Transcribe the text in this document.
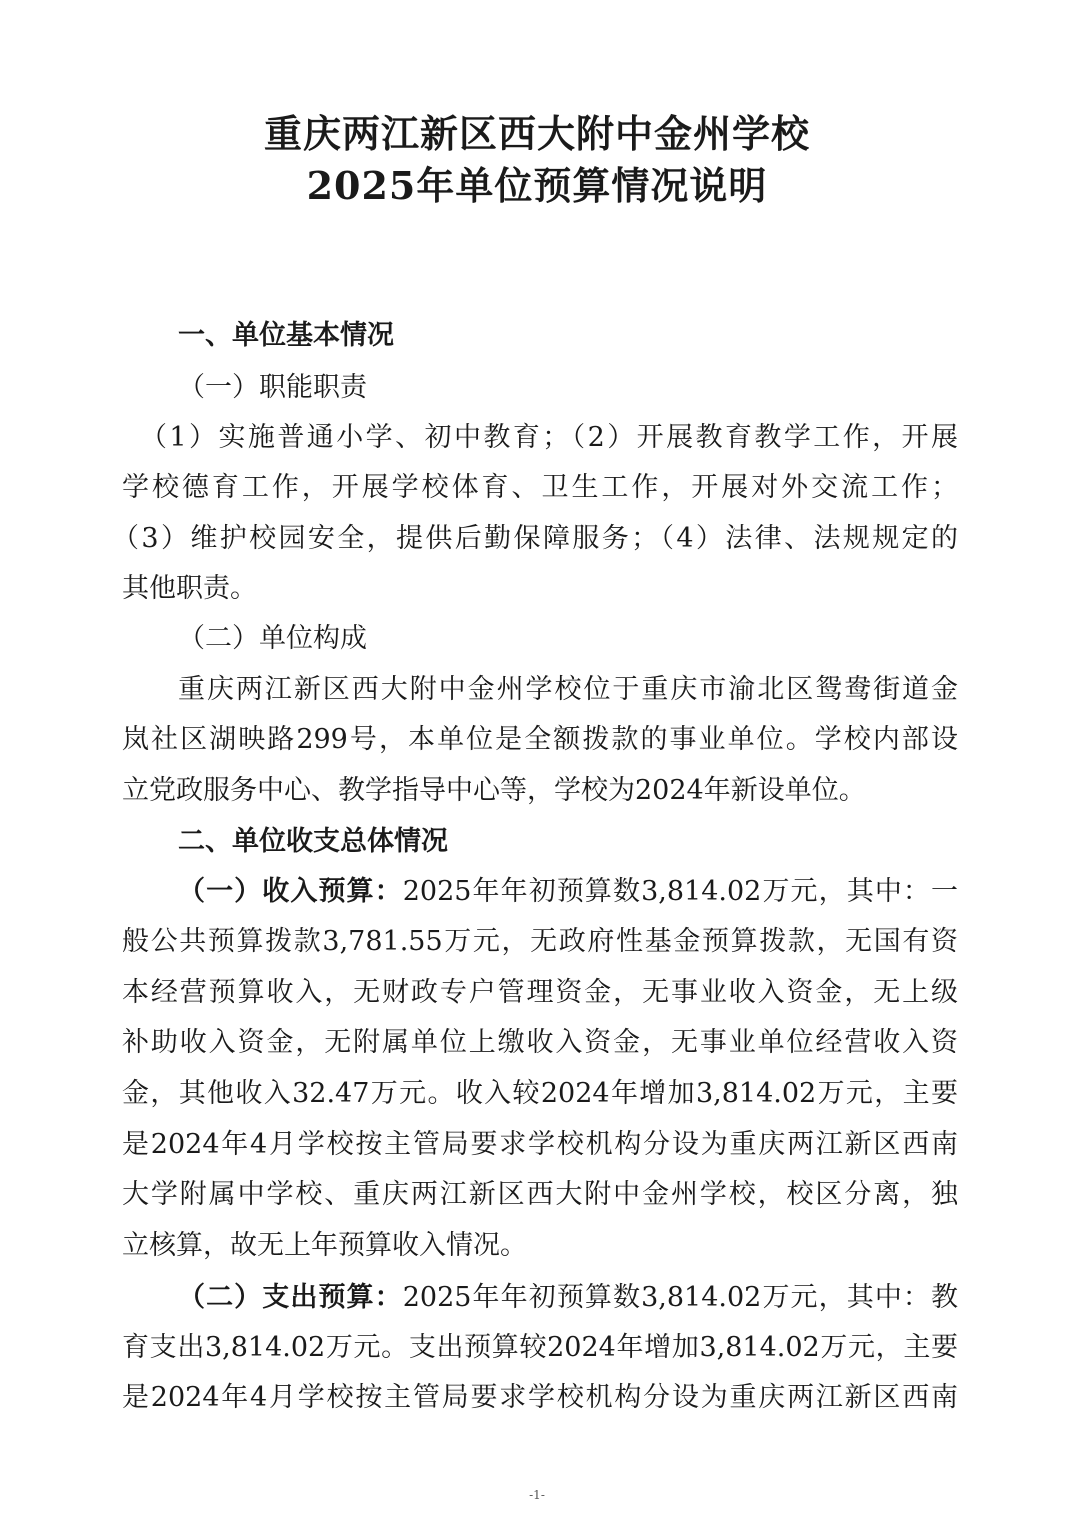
重庆两江新区西大附中金州学校
2025年单位预算情况说明
一、单位基本情况
（一）职能职责
（1）实施普通小学、初中教育；（2）开展教育教学工作，开展
学校德育工作，开展学校体育、卫生工作，开展对外交流工作；
（3）维护校园安全，提供后勤保障服务；（4）法律、法规规定的
其他职责。
（二）单位构成
重庆两江新区西大附中金州学校位于重庆市渝北区鸳鸯街道金
岚社区湖映路299号，本单位是全额拨款的事业单位。学校内部设
立党政服务中心、教学指导中心等，学校为2024年新设单位。
二、单位收支总体情况
（一）收入预算：2025年年初预算数3,814.02万元，其中：一
般公共预算拨款3,781.55万元，无政府性基金预算拨款，无国有资
本经营预算收入，无财政专户管理资金，无事业收入资金，无上级
补助收入资金，无附属单位上缴收入资金，无事业单位经营收入资
金，其他收入32.47万元。收入较2024年增加3,814.02万元，主要
是2024年4月学校按主管局要求学校机构分设为重庆两江新区西南
大学附属中学校、重庆两江新区西大附中金州学校，校区分离，独
立核算，故无上年预算收入情况。
（二）支出预算：2025年年初预算数3,814.02万元，其中：教
育支出3,814.02万元。支出预算较2024年增加3,814.02万元，主要
是2024年4月学校按主管局要求学校机构分设为重庆两江新区西南
-1-
